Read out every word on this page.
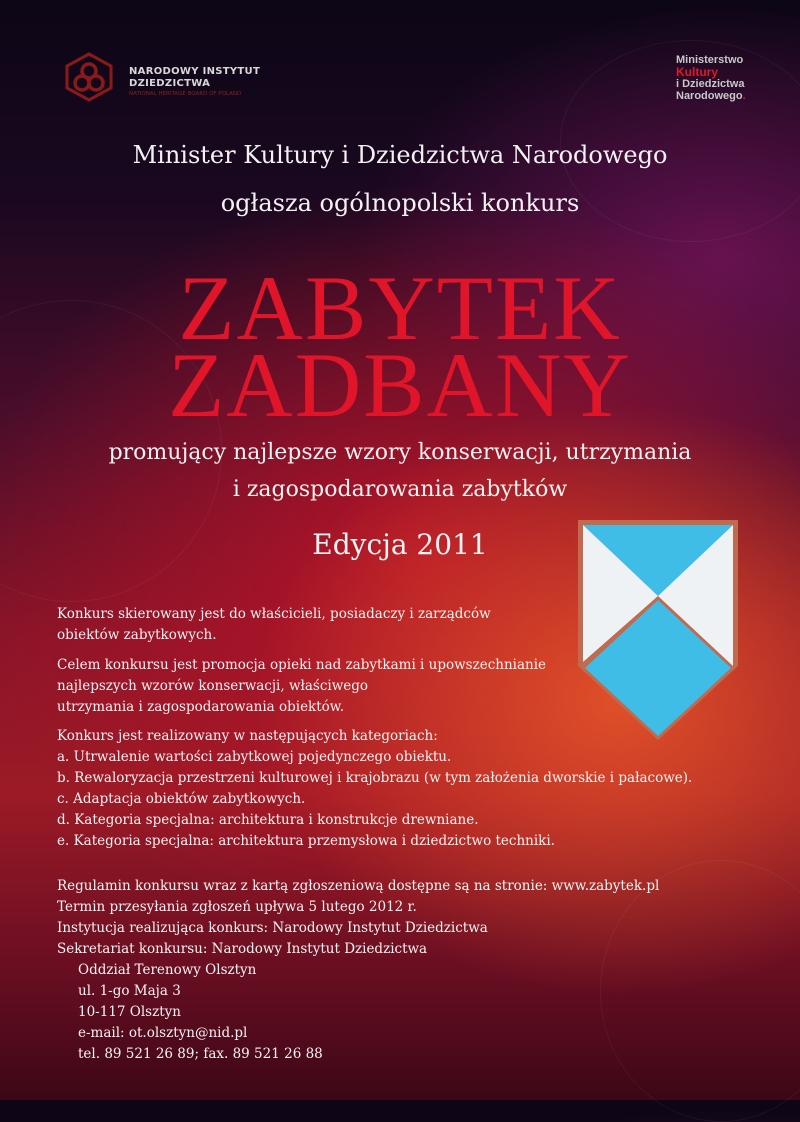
NARODOWY INSTYTUT
DZIEDZICTWA
NATIONAL HERITAGE BOARD OF POLAND
Ministerstwo
Kultury
i Dziedzictwa
Narodowego.
Minister Kultury i Dziedzictwa Narodowego
ogłasza ogólnopolski konkurs
ZABYTEK
ZADBANY
promujący najlepsze wzory konserwacji, utrzymania
i zagospodarowania zabytków
Edycja 2011

Konkurs skierowany jest do właścicieli, posiadaczy i zarządców

obiektów zabytkowych.

Celem konkursu jest promocja opieki nad zabytkami i upowszechnianie

najlepszych wzorów konserwacji, właściwego

utrzymania i zagospodarowania obiektów.

Konkurs jest realizowany w następujących kategoriach:

a. Utrwalenie wartości zabytkowej pojedynczego obiektu.

b. Rewaloryzacja przestrzeni kulturowej i krajobrazu (w tym założenia dworskie i pałacowe).

c. Adaptacja obiektów zabytkowych.

d. Kategoria specjalna: architektura i konstrukcje drewniane.

e. Kategoria specjalna: architektura przemysłowa i dziedzictwo techniki.

Regulamin konkursu wraz z kartą zgłoszeniową dostępne są na stronie: www.zabytek.pl

Termin przesyłania zgłoszeń upływa 5 lutego 2012 r.

Instytucja realizująca konkurs: Narodowy Instytut Dziedzictwa

Sekretariat konkursu: Narodowy Instytut Dziedzictwa

Oddział Terenowy Olsztyn

ul. 1-go Maja 3

10-117 Olsztyn

e-mail: ot.olsztyn@nid.pl

tel. 89 521 26 89; fax. 89 521 26 88
